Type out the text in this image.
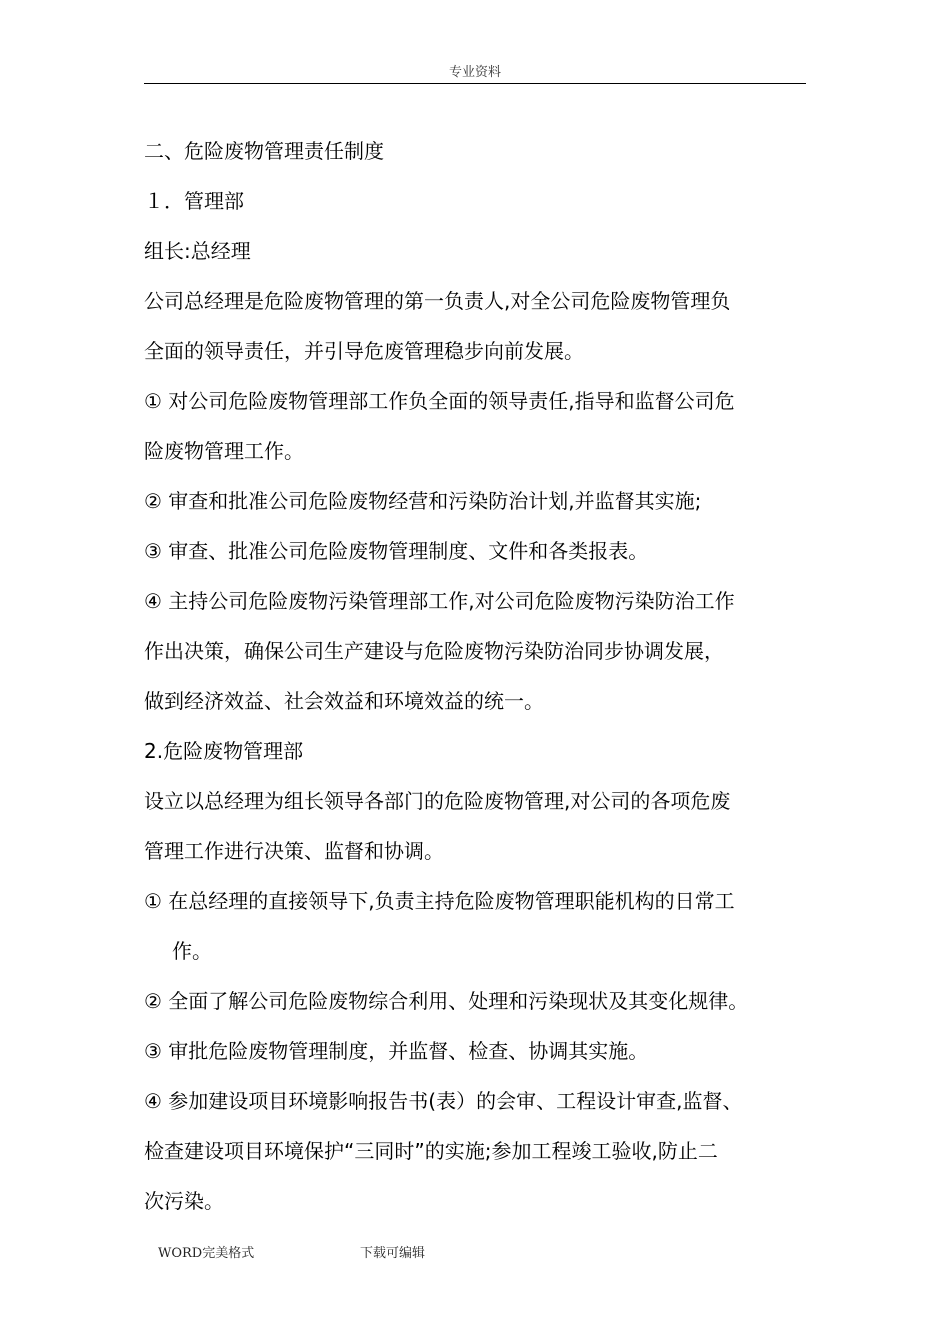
专业资料
二、危险废物管理责任制度
１．管理部
组长:总经理
公司总经理是危险废物管理的第一负责人,对全公司危险废物管理负
全面的领导责任，并引导危废管理稳步向前发展。
① 对公司危险废物管理部工作负全面的领导责任,指导和监督公司危
险废物管理工作。
② 审查和批准公司危险废物经营和污染防治计划,并监督其实施;
③ 审查、批准公司危险废物管理制度、文件和各类报表。
④ 主持公司危险废物污染管理部工作,对公司危险废物污染防治工作
作出决策，确保公司生产建设与危险废物污染防治同步协调发展，
做到经济效益、社会效益和环境效益的统一。
2.危险废物管理部
设立以总经理为组长领导各部门的危险废物管理,对公司的各项危废
管理工作进行决策、监督和协调。
① 在总经理的直接领导下,负责主持危险废物管理职能机构的日常工
作。
② 全面了解公司危险废物综合利用、处理和污染现状及其变化规律。
③ 审批危险废物管理制度，并监督、检查、协调其实施。
④ 参加建设项目环境影响报告书(表）的会审、工程设计审查,监督、
检查建设项目环境保护“三同时”的实施;参加工程竣工验收,防止二
次污染。
WORD完美格式	下载可编辑
